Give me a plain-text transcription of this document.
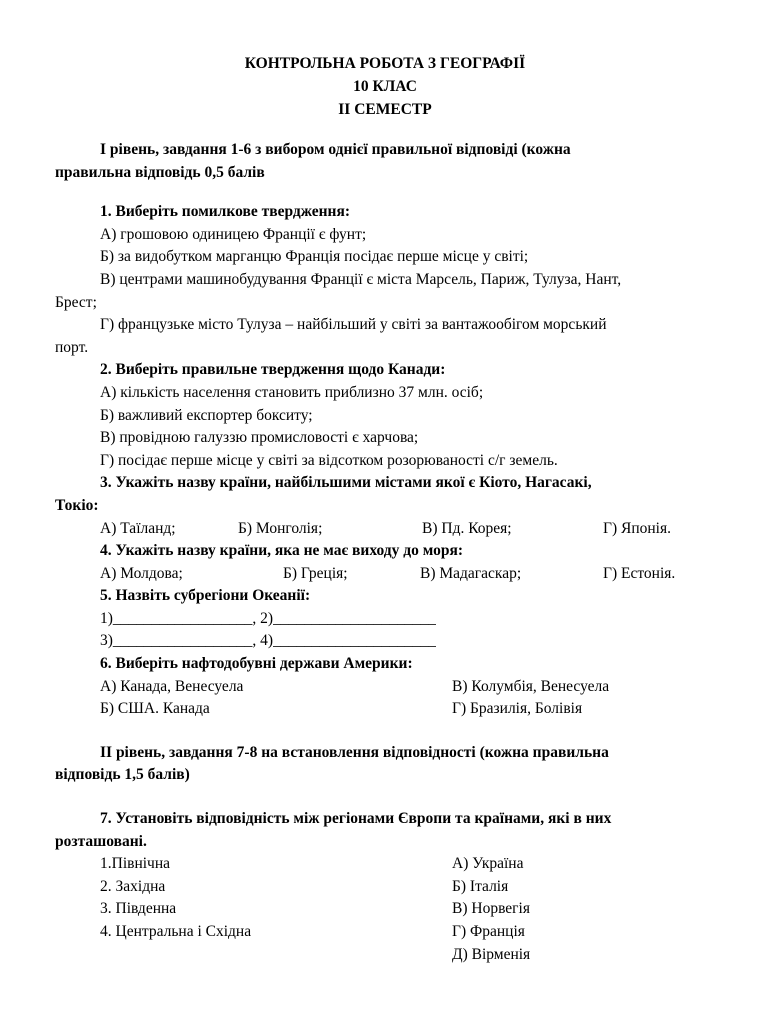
КОНТРОЛЬНА РОБОТА З ГЕОГРАФІЇ
10 КЛАС
ІІ СЕМЕСТР

І рівень, завдання 1-6 з вибором однієї правильної відповіді (кожна

правильна відповідь 0,5 балів

1. Виберіть помилкове твердження:

А) грошовою одиницею Франції є фунт;

Б) за видобутком марганцю Франція посідає перше місце у світі;

В) центрами машинобудування Франції є міста Марсель, Париж, Тулуза, Нант,

Брест;

Г) французьке місто Тулуза – найбільший у світі за вантажообігом морський

порт.

2. Виберіть правильне твердження щодо Канади:

А) кількість населення становить приблизно 37 млн. осіб;

Б) важливий експортер бокситу;

В) провідною галуззю промисловості є харчова;

Г) посідає перше місце у світі за відсотком розорюваності с/г земель.

3. Укажіть назву країни, найбільшими містами якої є Кіото, Нагасакі,

Токіо:

А) Таїланд;	Б) Монголія;	В) Пд. Корея;	Г) Японія.

4. Укажіть назву країни, яка не має виходу до моря:

А) Молдова;	Б) Греція;	В) Мадагаскар;	Г) Естонія.

5. Назвіть субрегіони Океанії:

1)__________________, 2)_____________________

3)__________________, 4)_____________________

6. Виберіть нафтодобувні держави Америки:

А) Канада, Венесуела	В) Колумбія, Венесуела
Б) США. Канада	Г) Бразилія, Болівія

ІІ рівень, завдання 7-8 на встановлення відповідності (кожна правильна

відповідь 1,5 балів)

7. Установіть відповідність між регіонами Європи та країнами, які в них

розташовані.

1.Північна	А) Україна
2. Західна	Б) Італія
3. Південна	В) Норвегія
4. Центральна і Східна	Г) Франція
Д) Вірменія
